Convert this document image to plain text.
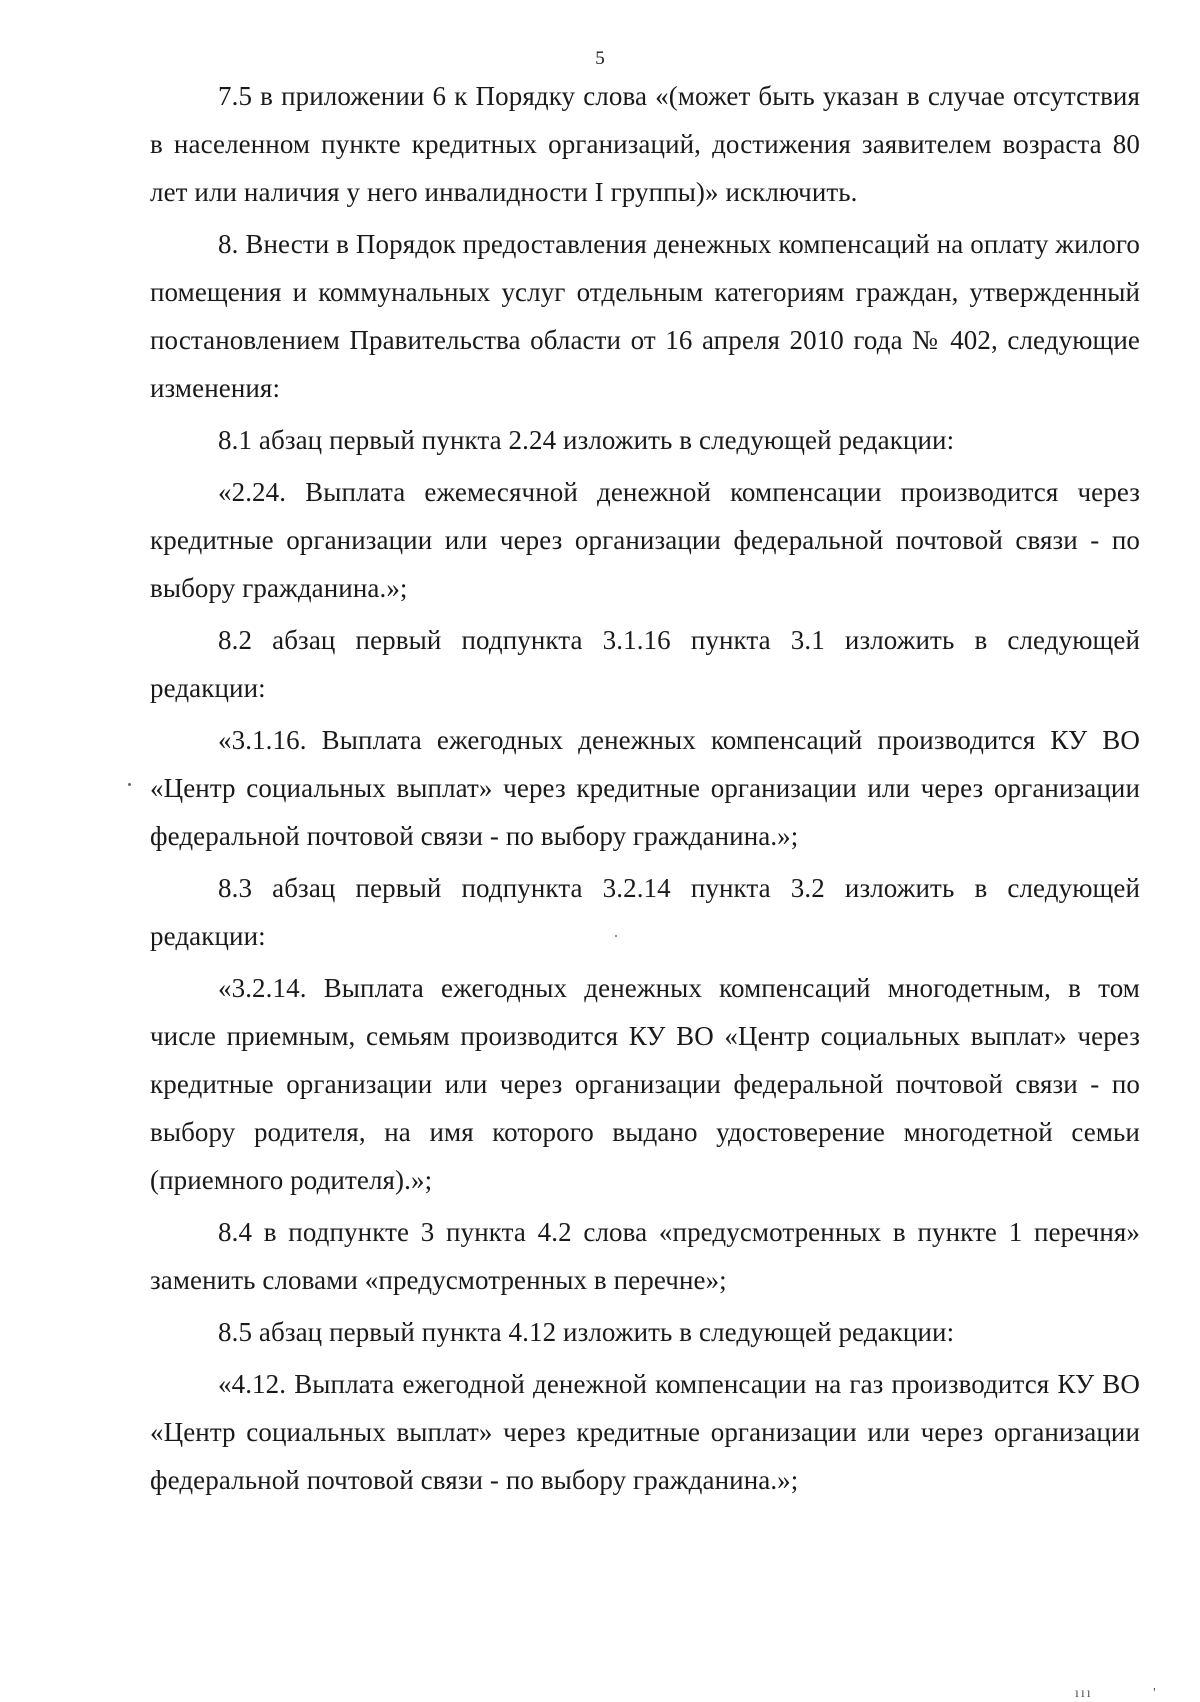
5

7.5 в приложении 6 к Порядку слова «(может быть указан в случае отсутствия в населенном пункте кредитных организаций, достижения заявителем возраста 80 лет или наличия у него инвалидности I группы)» исключить.

8. Внести в Порядок предоставления денежных компенсаций на оплату жилого помещения и коммунальных услуг отдельным категориям граждан, утвержденный постановлением Правительства области от 16 апреля 2010 года № 402, следующие изменения:

8.1 абзац первый пункта 2.24 изложить в следующей редакции:

«2.24. Выплата ежемесячной денежной компенсации производится через кредитные организации или через организации федеральной почтовой связи - по выбору гражданина.»;

8.2 абзац первый подпункта 3.1.16 пункта 3.1 изложить в следующей редакции:

«3.1.16. Выплата ежегодных денежных компенсаций производится КУ ВО «Центр социальных выплат» через кредитные организации или через организации федеральной почтовой связи - по выбору гражданина.»;

8.3 абзац первый подпункта 3.2.14 пункта 3.2 изложить в следующей редакции:

«3.2.14. Выплата ежегодных денежных компенсаций многодетным, в том числе приемным, семьям производится КУ ВО «Центр социальных выплат» через кредитные организации или через организации федеральной почтовой связи - по выбору родителя, на имя которого выдано удостоверение многодетной семьи (приемного родителя).»;

8.4 в подпункте 3 пункта 4.2 слова «предусмотренных в пункте 1 перечня» заменить словами «предусмотренных в перечне»;

8.5 абзац первый пункта 4.12 изложить в следующей редакции:

«4.12. Выплата ежегодной денежной компенсации на газ производится КУ ВО «Центр социальных выплат» через кредитные организации или через организации федеральной почтовой связи - по выбору гражданина.»;

ııı           '
